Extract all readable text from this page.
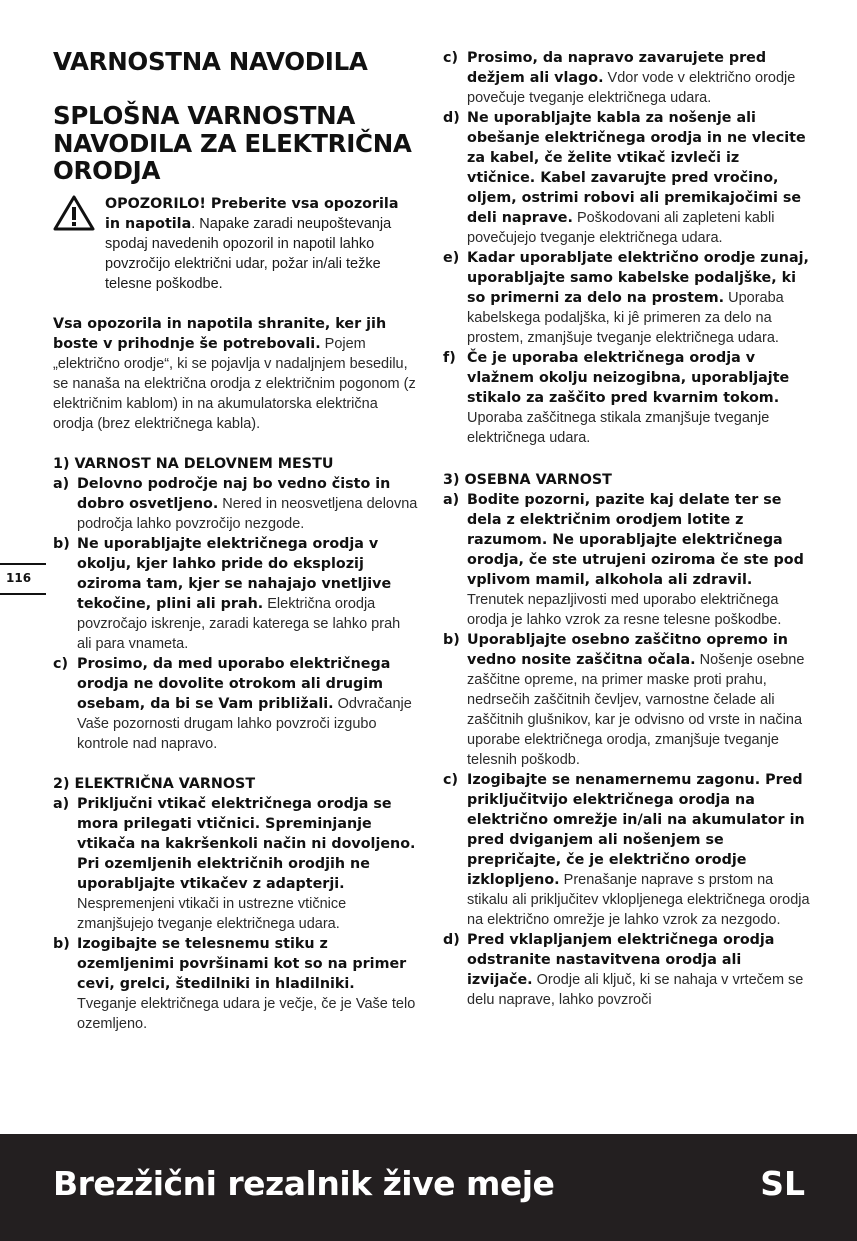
VARNOSTNA NAVODILA
SPLOŠNA VARNOSTNA NAVODILA ZA ELEKTRIČNA ORODJA
OPOZORILO! Preberite vsa opozorila in napotila. Napake zaradi neupoštevanja spodaj navedenih opozoril in napotil lahko povzročijo električni udar, požar in/ali težke telesne poškodbe.
Vsa opozorila in napotila shranite, ker jih boste v prihodnje še potrebovali. Pojem „električno orodje“, ki se pojavlja v nadaljnjem besedilu, se nanaša na električna orodja z električnim pogonom (z električnim kablom) in na akumulatorska električna orodja (brez električnega kabla).
1) VARNOST NA DELOVNEM MESTU
a) Delovno področje naj bo vedno čisto in dobro osvetljeno. Nered in neosvetljena delovna področja lahko povzročijo nezgode.
b) Ne uporabljajte električnega orodja v okolju, kjer lahko pride do eksplozij oziroma tam, kjer se nahajajo vnetljive tekočine, plini ali prah. Električna orodja povzročajo iskrenje, zaradi katerega se lahko prah ali para vnameta.
c) Prosimo, da med uporabo električnega orodja ne dovolite otrokom ali drugim osebam, da bi se Vam približali. Odvračanje Vaše pozornosti drugam lahko povzroči izgubo kontrole nad napravo.
2) ELEKTRIČNA VARNOST
a) Priključni vtikač električnega orodja se mora prilegati vtičnici. Spreminjanje vtikača na kakršenkoli način ni dovoljeno. Pri ozemljenih električnih orodjih ne uporabljajte vtikačev z adapterji. Nespremenjeni vtikači in ustrezne vtičnice zmanjšujejo tveganje električnega udara.
b) Izogibajte se telesnemu stiku z ozemljenimi površinami kot so na primer cevi, grelci, štedilniki in hladilniki. Tveganje električnega udara je večje, če je Vaše telo ozemljeno.
c) Prosimo, da napravo zavarujete pred dežjem ali vlago. Vdor vode v električno orodje povečuje tveganje električnega udara.
d) Ne uporabljajte kabla za nošenje ali obešanje električnega orodja in ne vlecite za kabel, če želite vtikač izvleči iz vtičnice. Kabel zavarujte pred vročino, oljem, ostrimi robovi ali premikajočimi se deli naprave. Poškodovani ali zapleteni kabli povečujejo tveganje električnega udara.
e) Kadar uporabljate električno orodje zunaj, uporabljajte samo kabelske podaljške, ki so primerni za delo na prostem. Uporaba kabelskega podaljška, ki jê primeren za delo na prostem, zmanjšuje tveganje električnega udara.
f) Če je uporaba električnega orodja v vlažnem okolju neizogibna, uporabljajte stikalo za zaščito pred kvarnim tokom. Uporaba zaščitnega stikala zmanjšuje tveganje električnega udara.
3) OSEBNA VARNOST
a) Bodite pozorni, pazite kaj delate ter se dela z električnim orodjem lotite z razumom. Ne uporabljajte električnega orodja, če ste utrujeni oziroma če ste pod vplivom mamil, alkohola ali zdravil. Trenutek nepazljivosti med uporabo električnega orodja je lahko vzrok za resne telesne poškodbe.
b) Uporabljajte osebno zaščitno opremo in vedno nosite zaščitna očala. Nošenje osebne zaščitne opreme, na primer maske proti prahu, nedrsečih zaščitnih čevljev, varnostne čelade ali zaščitnih glušnikov, kar je odvisno od vrste in načina uporabe električnega orodja, zmanjšuje tveganje telesnih poškodb.
c) Izogibajte se nenamernemu zagonu. Pred priključitvijo električnega orodja na električno omrežje in/ali na akumulator in pred dviganjem ali nošenjem se prepričajte, če je električno orodje izklopljeno. Prenašanje naprave s prstom na stikalu ali priključitev vklopljenega električnega orodja na električno omrežje je lahko vzrok za nezgodo.
d) Pred vklapljanjem električnega orodja odstranite nastavitvena orodja ali izvijače. Orodje ali ključ, ki se nahaja v vrtečem se delu naprave, lahko povzroči
116
Brezžični rezalnik žive meje	SL
